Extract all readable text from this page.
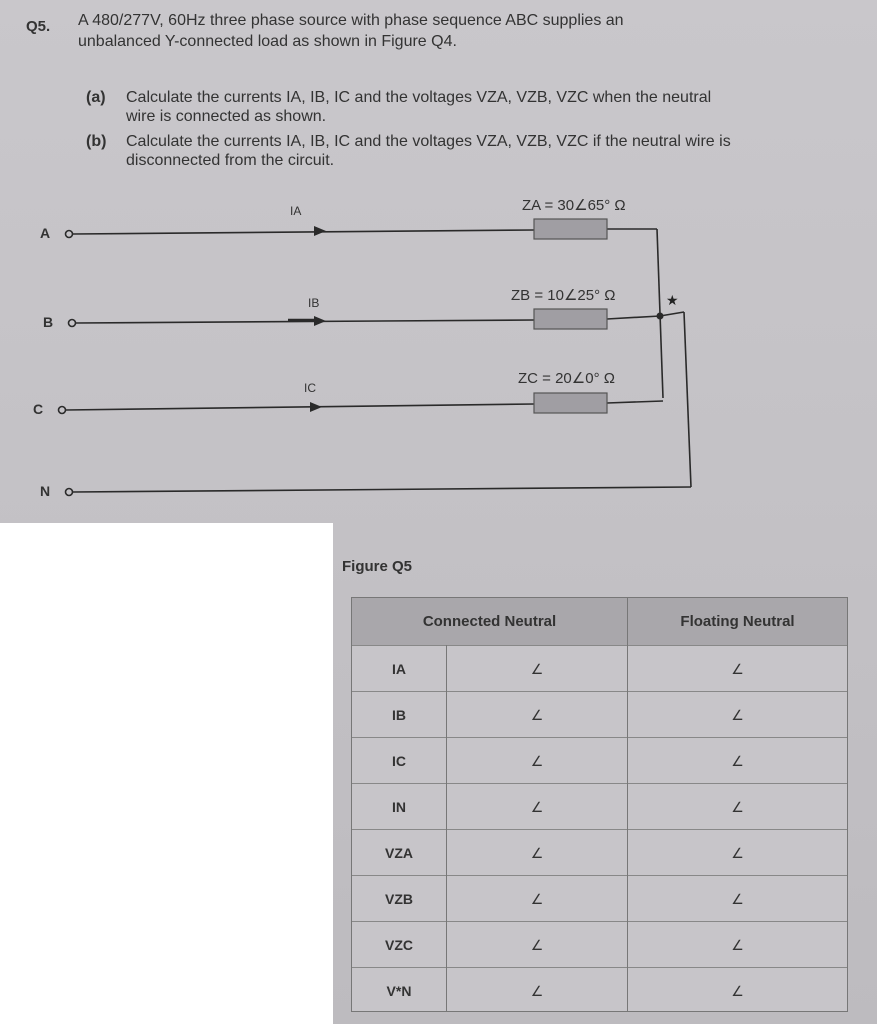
Q5. A 480/277V, 60Hz three phase source with phase sequence ABC supplies an
unbalanced Y-connected load as shown in Figure Q4.
(a) Calculate the currents IA, IB, IC and the voltages VZA, VZB, VZC when the neutral
wire is connected as shown.
(b) Calculate the currents IA, IB, IC and the voltages VZA, VZB, VZC if the neutral wire is
disconnected from the circuit.
A
B
C
N
IA
IB
IC
ZA = 30∠65° Ω
ZB = 10∠25° Ω
ZC = 20∠0° Ω
★
Figure Q5
Connected Neutral	Floating Neutral
IA	∠	∠
IB	∠	∠
IC	∠	∠
IN	∠	∠
VZA	∠	∠
VZB	∠	∠
VZC	∠	∠
V*N	∠	∠
